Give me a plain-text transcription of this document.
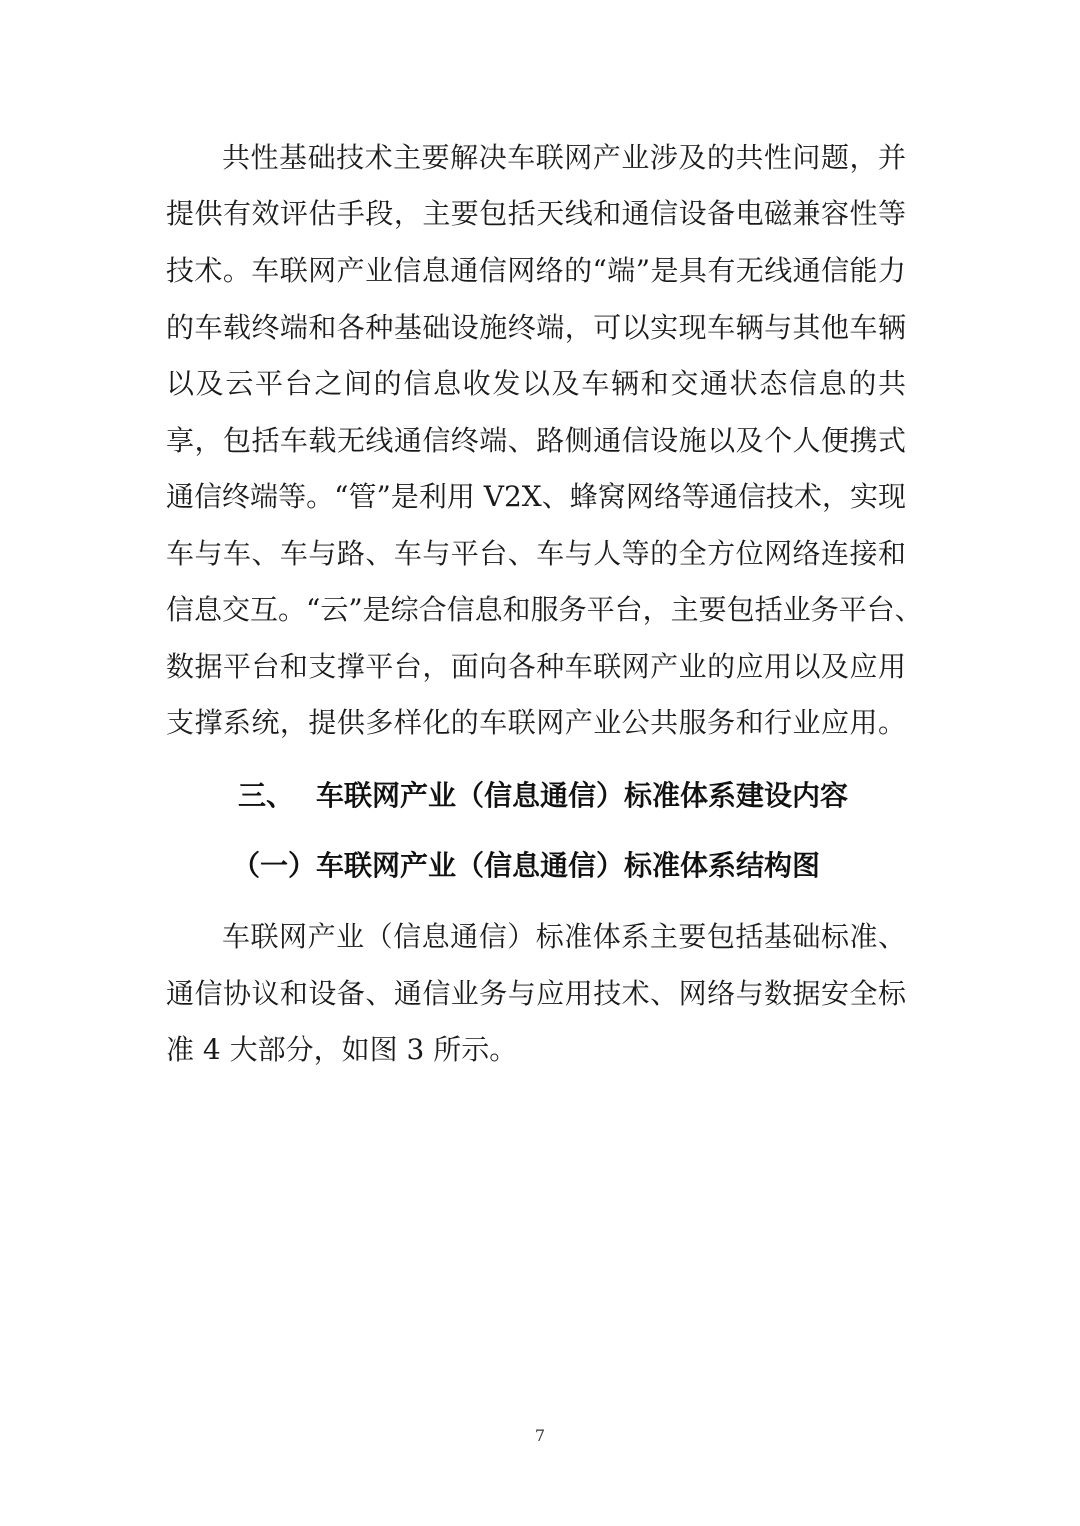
共性基础技术主要解决车联网产业涉及的共性问题，并
提供有效评估手段，主要包括天线和通信设备电磁兼容性等
技术。车联网产业信息通信网络的“端”是具有无线通信能力
的车载终端和各种基础设施终端，可以实现车辆与其他车辆
以及云平台之间的信息收发以及车辆和交通状态信息的共
享，包括车载无线通信终端、路侧通信设施以及个人便携式
通信终端等。“管”是利用 V2X、蜂窝网络等通信技术，实现
车与车、车与路、车与平台、车与人等的全方位网络连接和
信息交互。“云”是综合信息和服务平台，主要包括业务平台、
数据平台和支撑平台，面向各种车联网产业的应用以及应用
支撑系统，提供多样化的车联网产业公共服务和行业应用。
三、 车联网产业（信息通信）标准体系建设内容
（一）车联网产业（信息通信）标准体系结构图
车联网产业（信息通信）标准体系主要包括基础标准、
通信协议和设备、通信业务与应用技术、网络与数据安全标
准 4 大部分，如图 3 所示。
7
